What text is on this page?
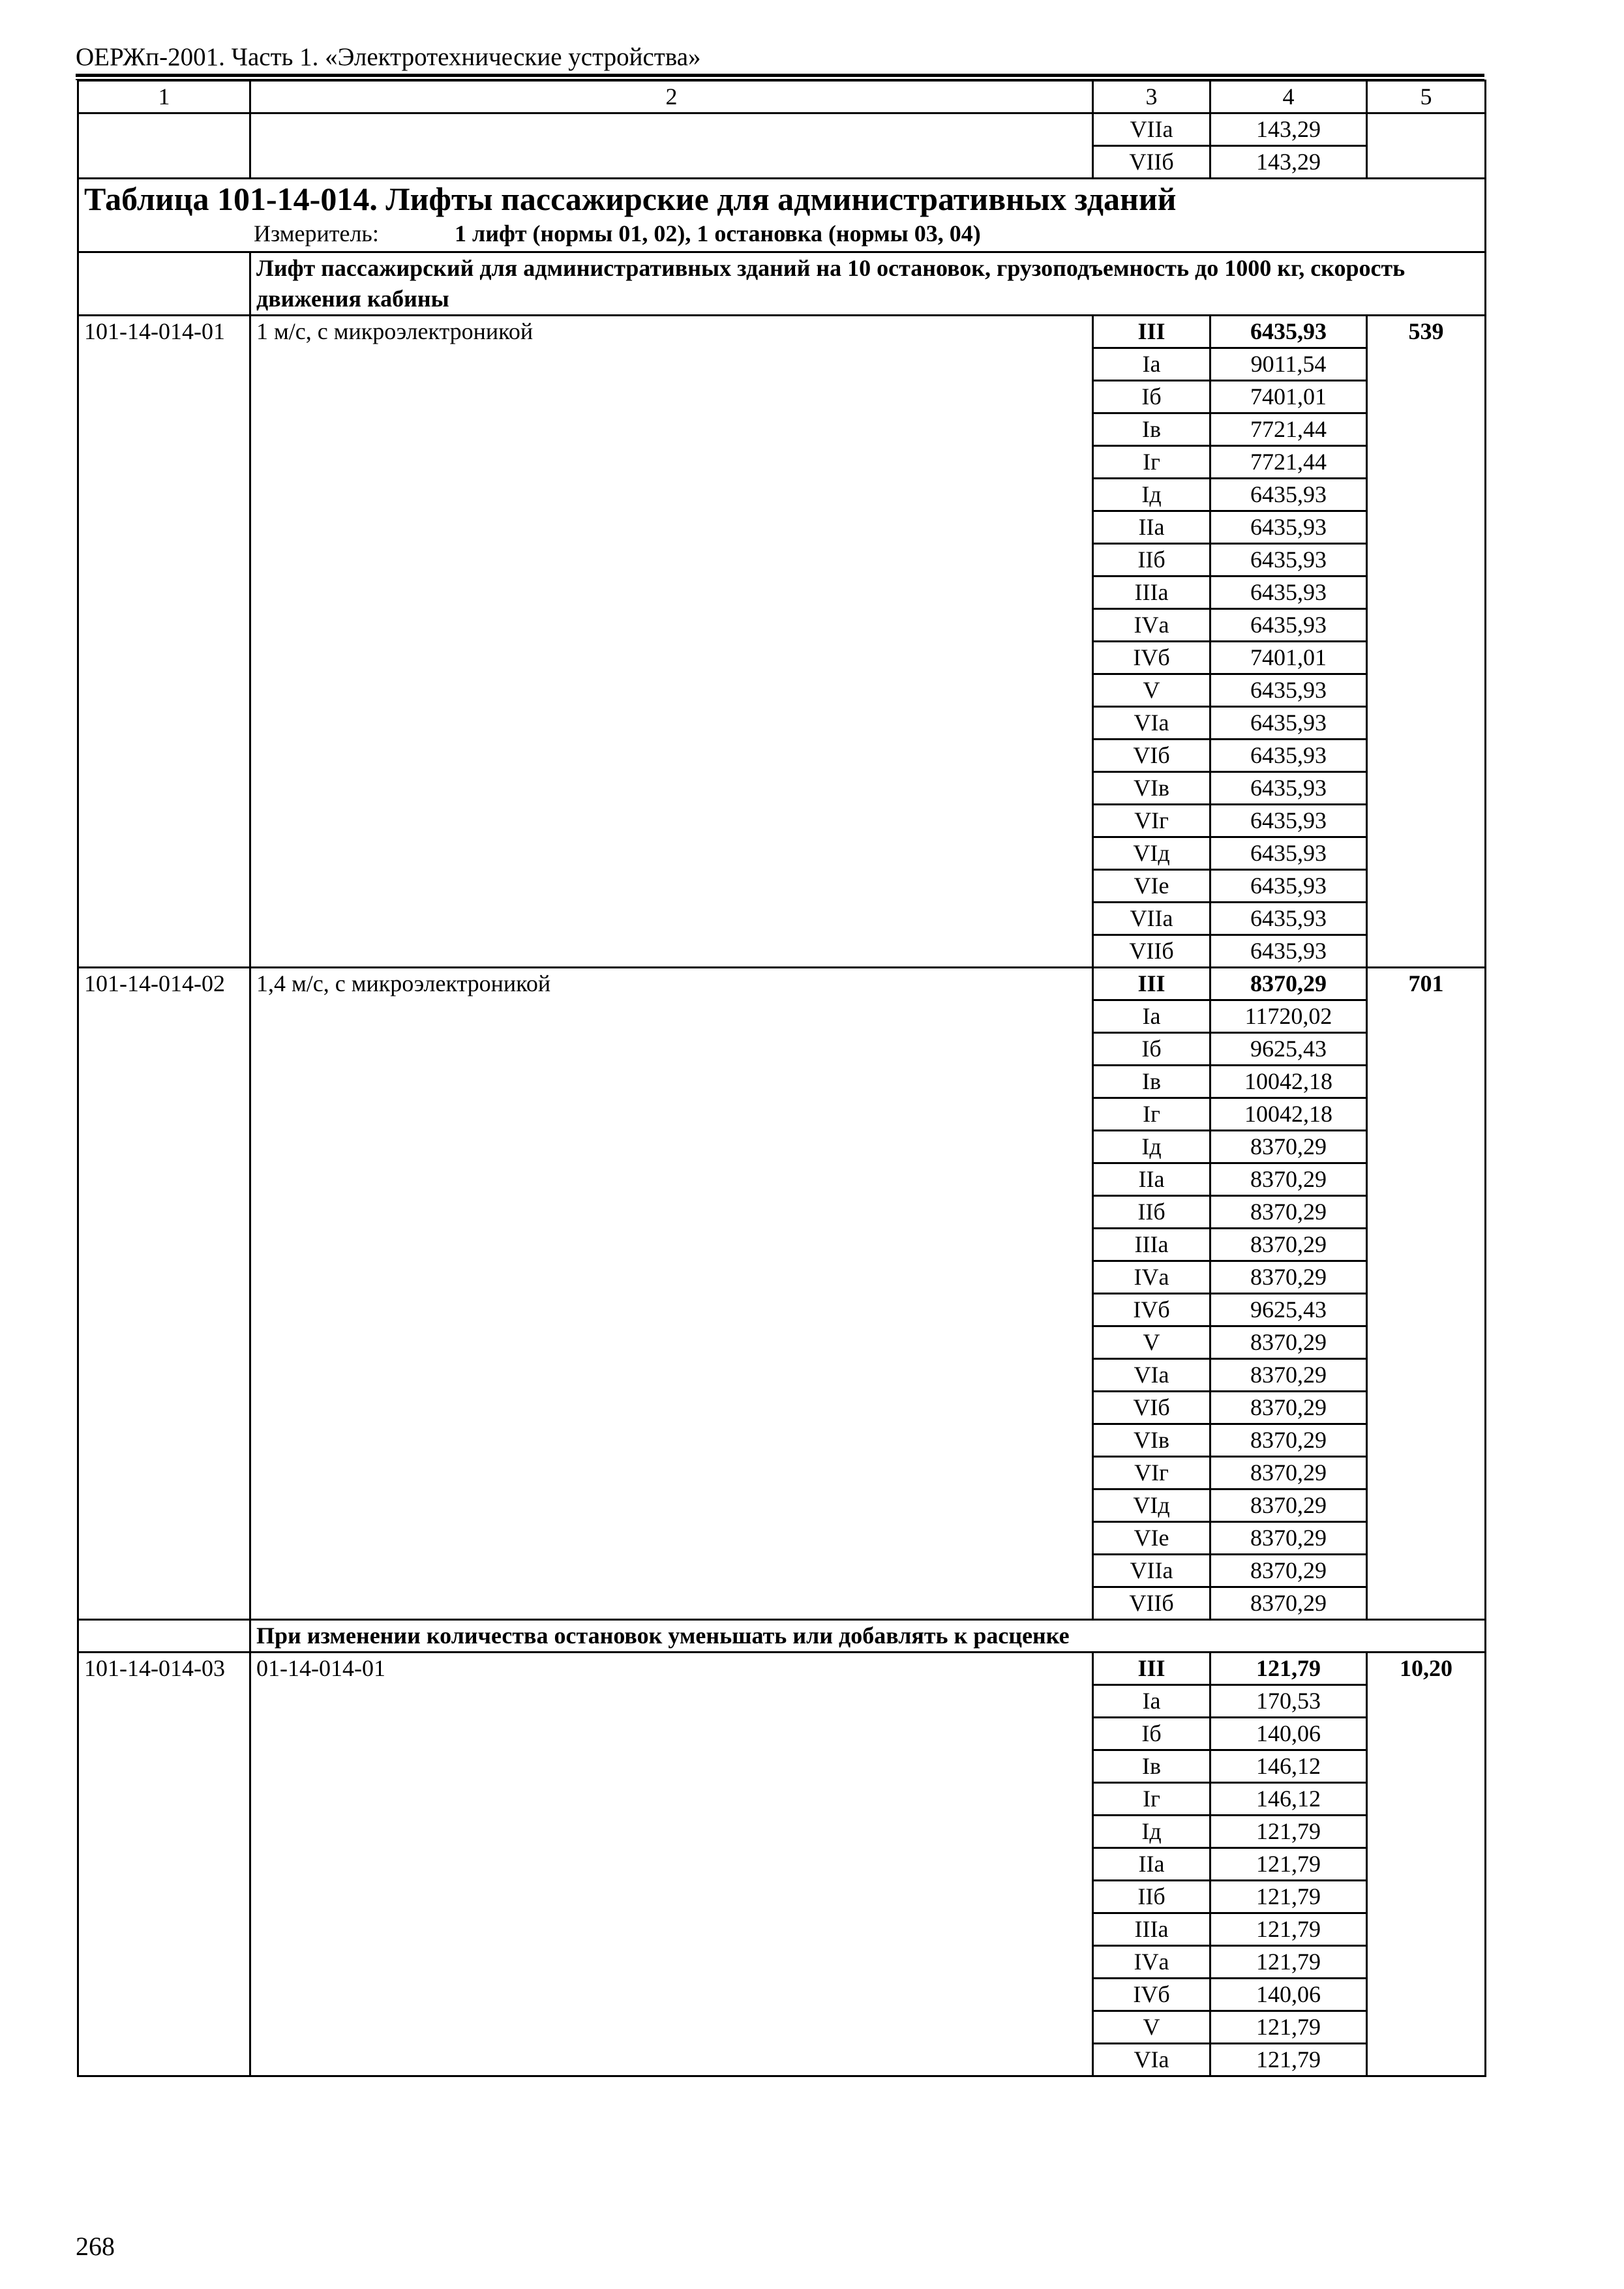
ОЕРЖп-2001. Часть 1. «Электротехнические устройства»
1	2	3	4	5
		VIIа	143,29	
		VIIб	143,29	

Таблица 101-14-014. Лифты пассажирские для административных зданий
Измеритель: 1 лифт (нормы 01, 02), 1 остановка (нормы 03, 04)				

	Лифт пассажирский для административных зданий на 10 остановок, грузоподъемность до 1000 кг, скорость движения кабины			
101-14-014-01	1 м/с, с микроэлектроникой	III	6435,93	539
		Iа	9011,54	
		Iб	7401,01	
		Iв	7721,44	
		Iг	7721,44	
		Iд	6435,93	
		IIа	6435,93	
		IIб	6435,93	
		IIIа	6435,93	
		IVа	6435,93	
		IVб	7401,01	
		V	6435,93	
		VIа	6435,93	
		VIб	6435,93	
		VIв	6435,93	
		VIг	6435,93	
		VIд	6435,93	
		VIе	6435,93	
		VIIа	6435,93	
		VIIб	6435,93	
101-14-014-02	1,4 м/с, с микроэлектроникой	III	8370,29	701
		Iа	11720,02	
		Iб	9625,43	
		Iв	10042,18	
		Iг	10042,18	
		Iд	8370,29	
		IIа	8370,29	
		IIб	8370,29	
		IIIа	8370,29	
		IVа	8370,29	
		IVб	9625,43	
		V	8370,29	
		VIа	8370,29	
		VIб	8370,29	
		VIв	8370,29	
		VIг	8370,29	
		VIд	8370,29	
		VIе	8370,29	
		VIIа	8370,29	
		VIIб	8370,29	
	При изменении количества остановок уменьшать или добавлять к расценке			
101-14-014-03	01-14-014-01	III	121,79	10,20
		Iа	170,53	
		Iб	140,06	
		Iв	146,12	
		Iг	146,12	
		Iд	121,79	
		IIа	121,79	
		IIб	121,79	
		IIIа	121,79	
		IVа	121,79	
		IVб	140,06	
		V	121,79	
		VIа	121,79	
268
